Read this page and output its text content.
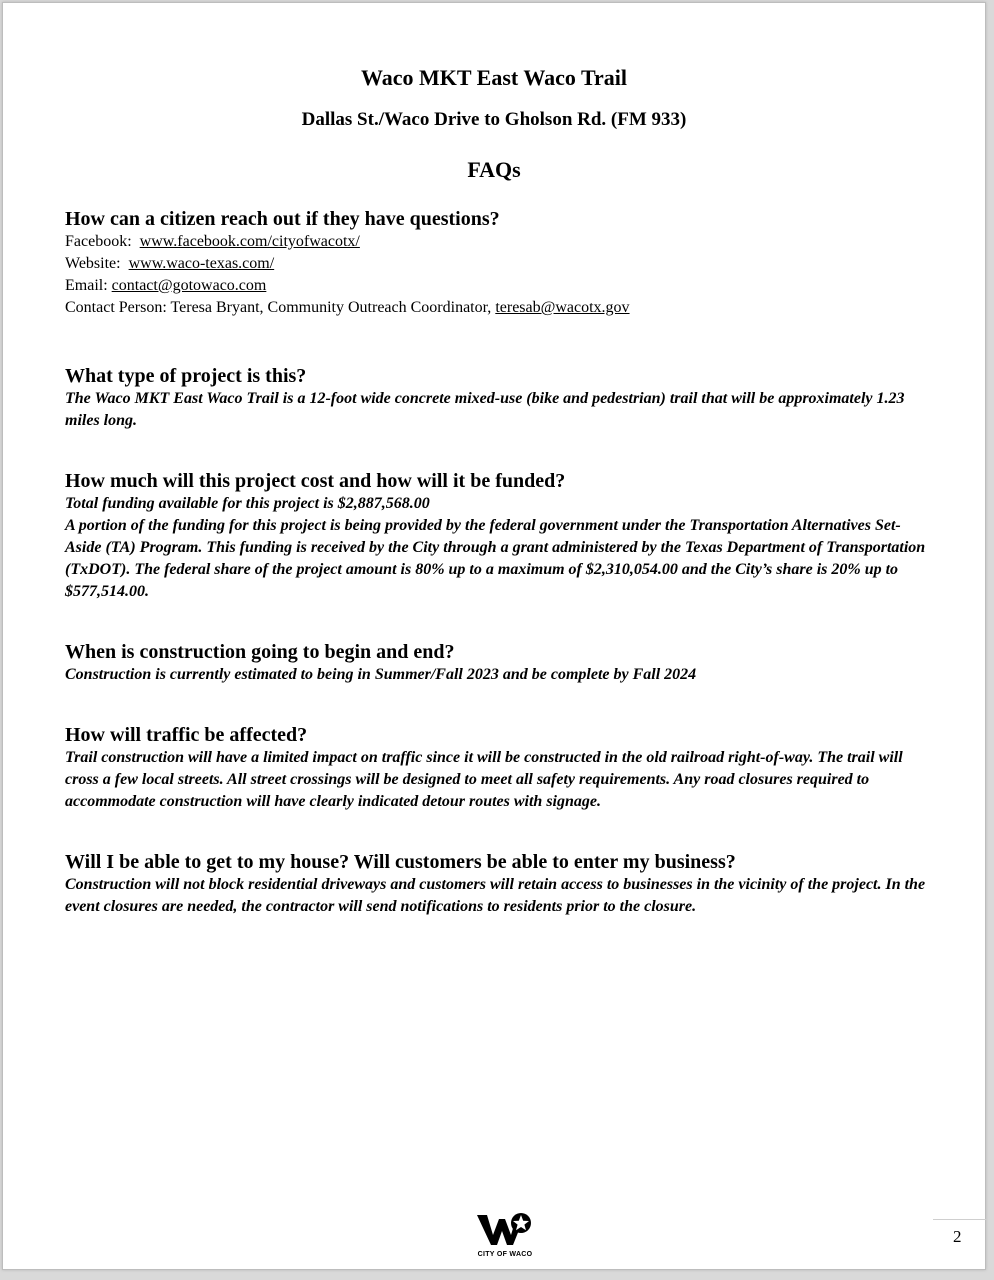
Waco MKT East Waco Trail
Dallas St./Waco Drive to Gholson Rd. (FM 933)
FAQs

How can a citizen reach out if they have questions?

Facebook: www.facebook.com/cityofwacotx/

Website: www.waco-texas.com/

Email: contact@gotowaco.com

Contact Person: Teresa Bryant, Community Outreach Coordinator, teresab@wacotx.gov

What type of project is this?

The Waco MKT East Waco Trail is a 12-foot wide concrete mixed-use (bike and pedestrian) trail that will be approximately 1.23 miles long.

How much will this project cost and how will it be funded?

Total funding available for this project is $2,887,568.00

A portion of the funding for this project is being provided by the federal government under the Transportation Alternatives Set-Aside (TA) Program. This funding is received by the City through a grant administered by the Texas Department of Transportation (TxDOT). The federal share of the project amount is 80% up to a maximum of $2,310,054.00 and the City’s share is 20% up to $577,514.00.

When is construction going to begin and end?

Construction is currently estimated to being in Summer/Fall 2023 and be complete by Fall 2024

How will traffic be affected?

Trail construction will have a limited impact on traffic since it will be constructed in the old railroad right-of-way. The trail will cross a few local streets. All street crossings will be designed to meet all safety requirements. Any road closures required to accommodate construction will have clearly indicated detour routes with signage.

Will I be able to get to my house? Will customers be able to enter my business?

Construction will not block residential driveways and customers will retain access to businesses in the vicinity of the project. In the event closures are needed, the contractor will send notifications to residents prior to the closure.

CITY OF WACO
2
